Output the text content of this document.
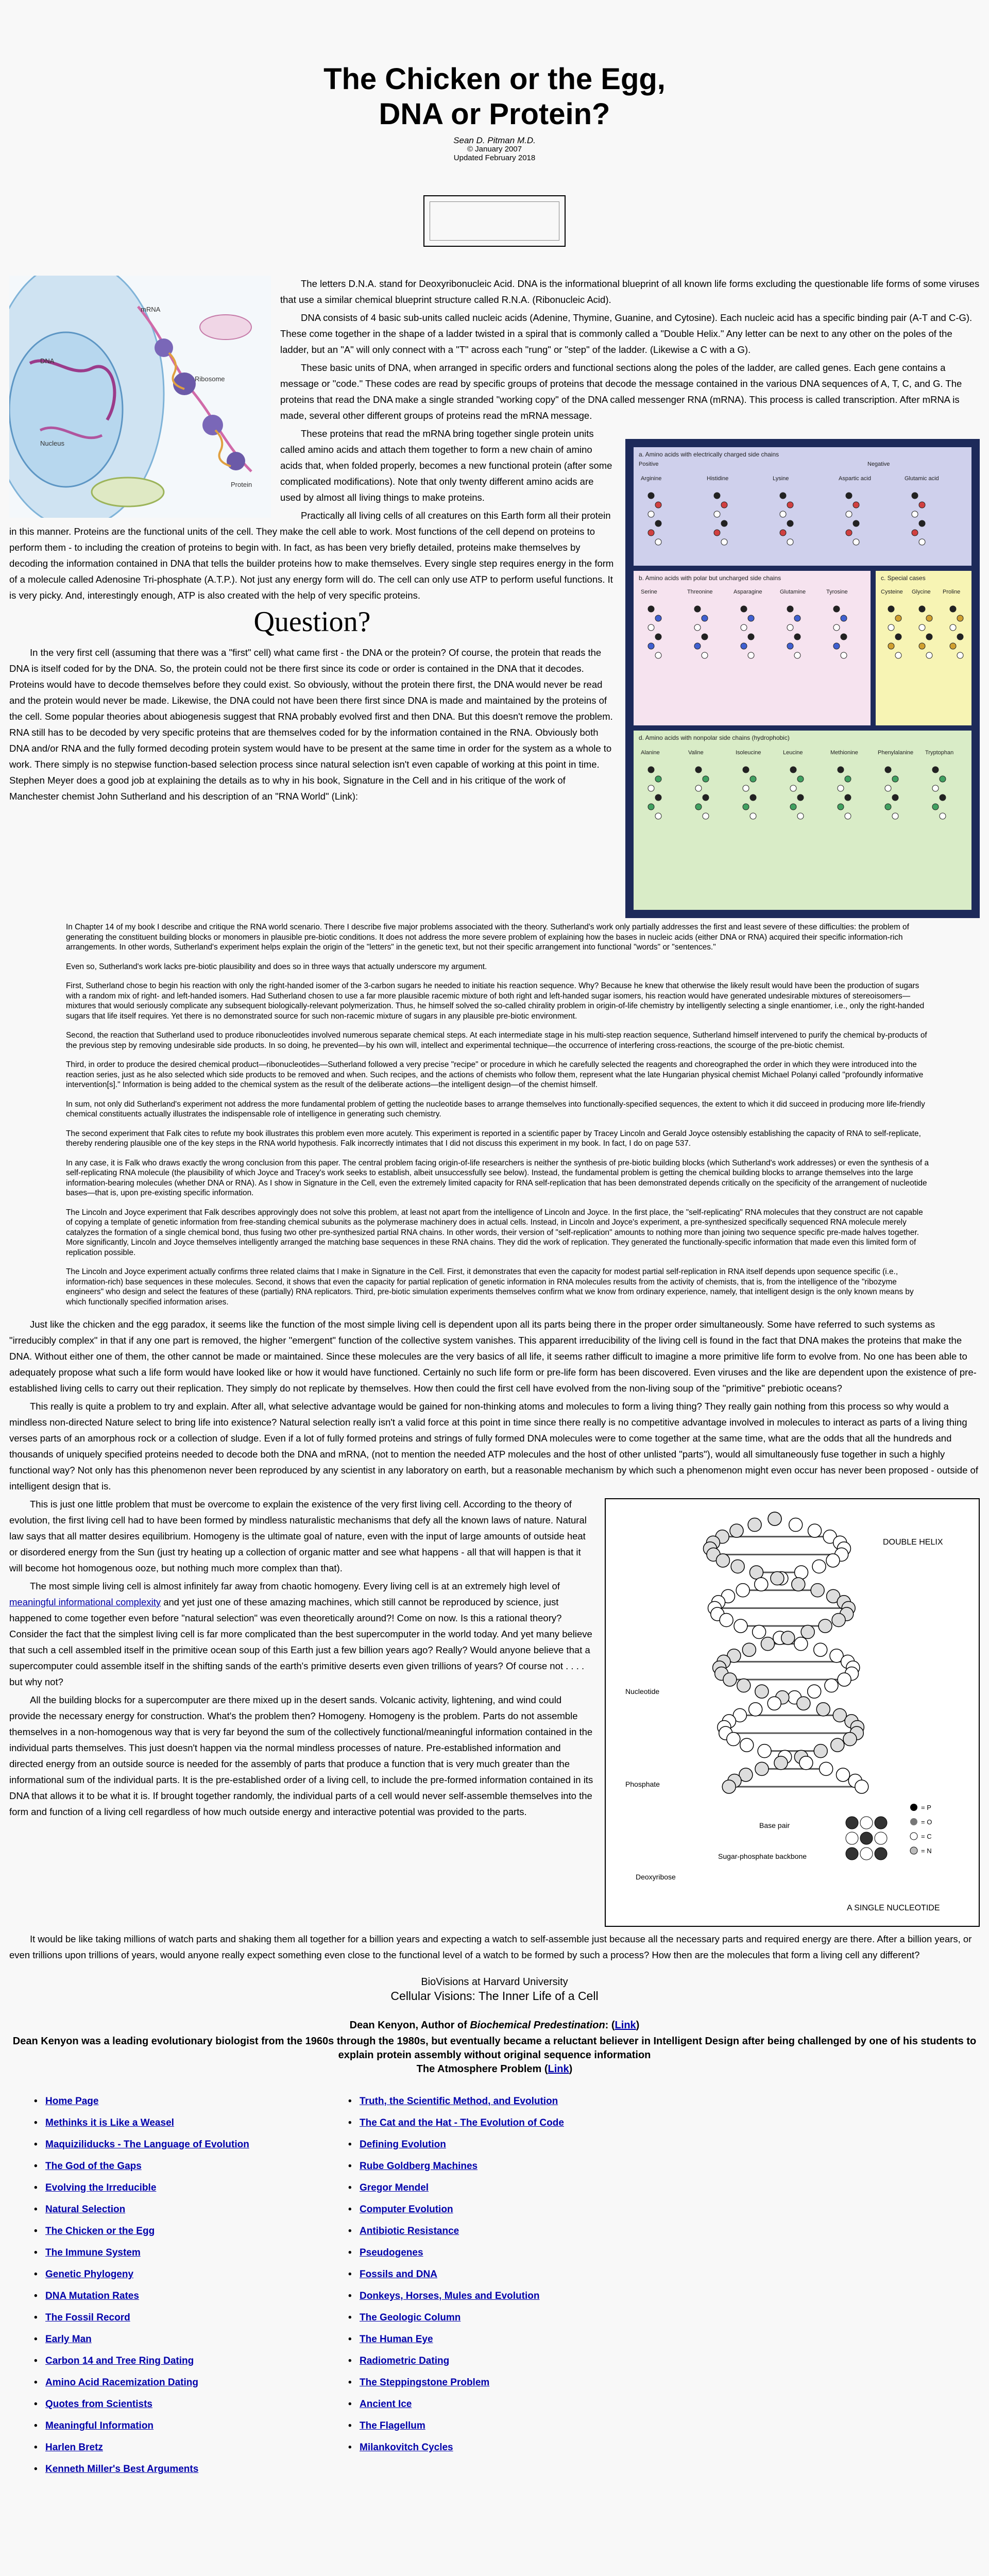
The Chicken or the Egg,
DNA or Protein?
Sean D. Pitman M.D.
© January 2007
Updated February 2018
DNA
mRNA
Ribosome
Protein
Nucleus

The letters D.N.A. stand for Deoxyribonucleic Acid. DNA is the informational blueprint of all known life forms excluding the questionable life forms of some viruses that use a similar chemical blueprint structure called R.N.A. (Ribonucleic Acid).

DNA consists of 4 basic sub-units called nucleic acids (Adenine, Thymine, Guanine, and Cytosine). Each nucleic acid has a specific binding pair (A-T and C-G). These come together in the shape of a ladder twisted in a spiral that is commonly called a "Double Helix." Any letter can be next to any other on the poles of the ladder, but an "A" will only connect with a "T" across each "rung" or "step" of the ladder. (Likewise a C with a G).

These basic units of DNA, when arranged in specific orders and functional sections along the poles of the ladder, are called genes. Each gene contains a message or "code." These codes are read by specific groups of proteins that decode the message contained in the various DNA sequences of A, T, C, and G. The proteins that read the DNA make a single stranded "working copy" of the DNA called messenger RNA (mRNA). This process is called transcription. After mRNA is made, several other different groups of proteins read the mRNA message.

a. Amino acids with electrically charged side chains
Positive	Negative
b. Amino acids with polar but uncharged side chains	c. Special cases
d. Amino acids with nonpolar side chains (hydrophobic)
Arginine	Histidine	Lysine	Aspartic acid	Glutamic acid
Serine	Threonine	Asparagine	Glutamine	Tyrosine	Cysteine Glycine Proline
Alanine	Valine	Isoleucine	Leucine	Methionine	Phenylalanine Tryptophan

These proteins that read the mRNA bring together single protein units called amino acids and attach them together to form a new chain of amino acids that, when folded properly, becomes a new functional protein (after some complicated modifications). Note that only twenty different amino acids are used by almost all living things to make proteins.

Practically all living cells of all creatures on this Earth form all their protein in this manner. Proteins are the functional units of the cell. They make the cell able to work. Most functions of the cell depend on proteins to perform them - to including the creation of proteins to begin with. In fact, as has been very briefly detailed, proteins make themselves by decoding the information contained in DNA that tells the builder proteins how to make themselves. Every single step requires energy in the form of a molecule called Adenosine Tri-phosphate (A.T.P.). Not just any energy form will do. The cell can only use ATP to perform useful functions. It is very picky. And, interestingly enough, ATP is also created with the help of very specific proteins.

Question?

In the very first cell (assuming that there was a "first" cell) what came first - the DNA or the protein? Of course, the protein that reads the DNA is itself coded for by the DNA. So, the protein could not be there first since its code or order is contained in the DNA that it decodes. Proteins would have to decode themselves before they could exist. So obviously, without the protein there first, the DNA would never be read and the protein would never be made. Likewise, the DNA could not have been there first since DNA is made and maintained by the proteins of the cell. Some popular theories about abiogenesis suggest that RNA probably evolved first and then DNA. But this doesn't remove the problem. RNA still has to be decoded by very specific proteins that are themselves coded for by the information contained in the RNA. Obviously both DNA and/or RNA and the fully formed decoding protein system would have to be present at the same time in order for the system as a whole to work. There simply is no stepwise function-based selection process since natural selection isn't even capable of working at this point in time. Stephen Meyer does a good job at explaining the details as to why in his book, Signature in the Cell and in his critique of the work of Manchester chemist John Sutherland and his description of an "RNA World" (Link):

In Chapter 14 of my book I describe and critique the RNA world scenario. There I describe five major problems associated with the theory. Sutherland's work only partially addresses the first and least severe of these difficulties: the problem of generating the constituent building blocks or monomers in plausible pre-biotic conditions. It does not address the more severe problem of explaining how the bases in nucleic acids (either DNA or RNA) acquired their specific information-rich arrangements. In other words, Sutherland's experiment helps explain the origin of the "letters" in the genetic text, but not their specific arrangement into functional "words" or "sentences."

Even so, Sutherland's work lacks pre-biotic plausibility and does so in three ways that actually underscore my argument.

First, Sutherland chose to begin his reaction with only the right-handed isomer of the 3-carbon sugars he needed to initiate his reaction sequence. Why? Because he knew that otherwise the likely result would have been the production of sugars with a random mix of right- and left-handed isomers. Had Sutherland chosen to use a far more plausible racemic mixture of both right and left-handed sugar isomers, his reaction would have generated undesirable mixtures of stereoisomers—mixtures that would seriously complicate any subsequent biologically-relevant polymerization. Thus, he himself solved the so-called chirality problem in origin-of-life chemistry by intelligently selecting a single enantiomer, i.e., only the right-handed sugars that life itself requires. Yet there is no demonstrated source for such non-racemic mixture of sugars in any plausible pre-biotic environment.

Second, the reaction that Sutherland used to produce ribonucleotides involved numerous separate chemical steps. At each intermediate stage in his multi-step reaction sequence, Sutherland himself intervened to purify the chemical by-products of the previous step by removing undesirable side products. In so doing, he prevented—by his own will, intellect and experimental technique—the occurrence of interfering cross-reactions, the scourge of the pre-biotic chemist.

Third, in order to produce the desired chemical product—ribonucleotides—Sutherland followed a very precise "recipe" or procedure in which he carefully selected the reagents and choreographed the order in which they were introduced into the reaction series, just as he also selected which side products to be removed and when. Such recipes, and the actions of chemists who follow them, represent what the late Hungarian physical chemist Michael Polanyi called "profoundly informative intervention[s]." Information is being added to the chemical system as the result of the deliberate actions—the intelligent design—of the chemist himself.

In sum, not only did Sutherland's experiment not address the more fundamental problem of getting the nucleotide bases to arrange themselves into functionally-specified sequences, the extent to which it did succeed in producing more life-friendly chemical constituents actually illustrates the indispensable role of intelligence in generating such chemistry.

The second experiment that Falk cites to refute my book illustrates this problem even more acutely. This experiment is reported in a scientific paper by Tracey Lincoln and Gerald Joyce ostensibly establishing the capacity of RNA to self-replicate, thereby rendering plausible one of the key steps in the RNA world hypothesis. Falk incorrectly intimates that I did not discuss this experiment in my book. In fact, I do on page 537.

In any case, it is Falk who draws exactly the wrong conclusion from this paper. The central problem facing origin-of-life researchers is neither the synthesis of pre-biotic building blocks (which Sutherland's work addresses) or even the synthesis of a self-replicating RNA molecule (the plausibility of which Joyce and Tracey's work seeks to establish, albeit unsuccessfully see below). Instead, the fundamental problem is getting the chemical building blocks to arrange themselves into the large information-bearing molecules (whether DNA or RNA). As I show in Signature in the Cell, even the extremely limited capacity for RNA self-replication that has been demonstrated depends critically on the specificity of the arrangement of nucleotide bases—that is, upon pre-existing specific information.

The Lincoln and Joyce experiment that Falk describes approvingly does not solve this problem, at least not apart from the intelligence of Lincoln and Joyce. In the first place, the "self-replicating" RNA molecules that they construct are not capable of copying a template of genetic information from free-standing chemical subunits as the polymerase machinery does in actual cells. Instead, in Lincoln and Joyce's experiment, a pre-synthesized specifically sequenced RNA molecule merely catalyzes the formation of a single chemical bond, thus fusing two other pre-synthesized partial RNA chains. In other words, their version of "self-replication" amounts to nothing more than joining two sequence specific pre-made halves together. More significantly, Lincoln and Joyce themselves intelligently arranged the matching base sequences in these RNA chains. They did the work of replication. They generated the functionally-specific information that made even this limited form of replication possible.

The Lincoln and Joyce experiment actually confirms three related claims that I make in Signature in the Cell. First, it demonstrates that even the capacity for modest partial self-replication in RNA itself depends upon sequence specific (i.e., information-rich) base sequences in these molecules. Second, it shows that even the capacity for partial replication of genetic information in RNA molecules results from the activity of chemists, that is, from the intelligence of the "ribozyme engineers" who design and select the features of these (partially) RNA replicators. Third, pre-biotic simulation experiments themselves confirm what we know from ordinary experience, namely, that intelligent design is the only known means by which functionally specified information arises.

Just like the chicken and the egg paradox, it seems like the function of the most simple living cell is dependent upon all its parts being there in the proper order simultaneously. Some have referred to such systems as "irreducibly complex" in that if any one part is removed, the higher "emergent" function of the collective system vanishes. This apparent irreducibility of the living cell is found in the fact that DNA makes the proteins that make the DNA. Without either one of them, the other cannot be made or maintained. Since these molecules are the very basics of all life, it seems rather difficult to imagine a more primitive life form to evolve from. No one has been able to adequately propose what such a life form would have looked like or how it would have functioned. Certainly no such life form or pre-life form has been discovered. Even viruses and the like are dependent upon the existence of pre-established living cells to carry out their replication. They simply do not replicate by themselves. How then could the first cell have evolved from the non-living soup of the "primitive" prebiotic oceans?

This really is quite a problem to try and explain. After all, what selective advantage would be gained for non-thinking atoms and molecules to form a living thing? They really gain nothing from this process so why would a mindless non-directed Nature select to bring life into existence? Natural selection really isn't a valid force at this point in time since there really is no competitive advantage involved in molecules to interact as parts of a living thing verses parts of an amorphous rock or a collection of sludge. Even if a lot of fully formed proteins and strings of fully formed DNA molecules were to come together at the same time, what are the odds that all the hundreds and thousands of uniquely specified proteins needed to decode both the DNA and mRNA, (not to mention the needed ATP molecules and the host of other unlisted "parts"), would all simultaneously fuse together in such a highly functional way? Not only has this phenomenon never been reproduced by any scientist in any laboratory on earth, but a reasonable mechanism by which such a phenomenon might even occur has never been proposed - outside of intelligent design that is.

DOUBLE HELIX
Nucleotide
Phosphate
Deoxyribose
Base pair
Sugar-phosphate backbone
A SINGLE NUCLEOTIDE
= P
= O
= C
= N

This is just one little problem that must be overcome to explain the existence of the very first living cell. According to the theory of evolution, the first living cell had to have been formed by mindless naturalistic mechanisms that defy all the known laws of nature. Natural law says that all matter desires equilibrium. Homogeny is the ultimate goal of nature, even with the input of large amounts of outside heat or disordered energy from the Sun (just try heating up a collection of organic matter and see what happens - all that will happen is that it will become hot homogenous ooze, but nothing much more complex than that).

The most simple living cell is almost infinitely far away from chaotic homogeny. Every living cell is at an extremely high level of meaningful informational complexity and yet just one of these amazing machines, which still cannot be reproduced by science, just happened to come together even before "natural selection" was even theoretically around?! Come on now. Is this a rational theory? Consider the fact that the simplest living cell is far more complicated than the best supercomputer in the world today. And yet many believe that such a cell assembled itself in the primitive ocean soup of this Earth just a few billion years ago? Really? Would anyone believe that a supercomputer could assemble itself in the shifting sands of the earth's primitive deserts even given trillions of years? Of course not . . . . but why not?

All the building blocks for a supercomputer are there mixed up in the desert sands. Volcanic activity, lightening, and wind could provide the necessary energy for construction. What's the problem then? Homogeny. Homogeny is the problem. Parts do not assemble themselves in a non-homogenous way that is very far beyond the sum of the collectively functional/meaningful information contained in the individual parts themselves. This just doesn't happen via the normal mindless processes of nature. Pre-established information and directed energy from an outside source is needed for the assembly of parts that produce a function that is very much greater than the informational sum of the individual parts. It is the pre-established order of a living cell, to include the pre-formed information contained in its DNA that allows it to be what it is. If brought together randomly, the individual parts of a cell would never self-assemble themselves into the form and function of a living cell regardless of how much outside energy and interactive potential was provided to the parts.

It would be like taking millions of watch parts and shaking them all together for a billion years and expecting a watch to self-assemble just because all the necessary parts and required energy are there. After a billion years, or even trillions upon trillions of years, would anyone really expect something even close to the functional level of a watch to be formed by such a process? How then are the molecules that form a living cell any different?

BioVisions at Harvard University
Cellular Visions: The Inner Life of a Cell
Dean Kenyon, Author of Biochemical Predestination: (Link)
Dean Kenyon was a leading evolutionary biologist from the 1960s through the 1980s, but eventually became a reluctant believer in Intelligent Design after being challenged by one of his students to explain protein assembly without original sequence information
The Atmosphere Problem (Link)
• Home Page
• Methinks it is Like a Weasel
• Maquiziliducks - The Language of Evolution
• The God of the Gaps
• Evolving the Irreducible
• Natural Selection
• The Chicken or the Egg
• The Immune System
• Genetic Phylogeny
• DNA Mutation Rates
• The Fossil Record
• Early Man
• Carbon 14 and Tree Ring Dating
• Amino Acid Racemization Dating
• Quotes from Scientists
• Meaningful Information
• Harlen Bretz
• Kenneth Miller's Best Arguments
• Truth, the Scientific Method, and Evolution
• The Cat and the Hat - The Evolution of Code
• Defining Evolution
• Rube Goldberg Machines
• Gregor Mendel
• Computer Evolution
• Antibiotic Resistance
• Pseudogenes
• Fossils and DNA
• Donkeys, Horses, Mules and Evolution
• The Geologic Column
• The Human Eye
• Radiometric Dating
• The Steppingstone Problem
• Ancient Ice
• The Flagellum
• Milankovitch Cycles
